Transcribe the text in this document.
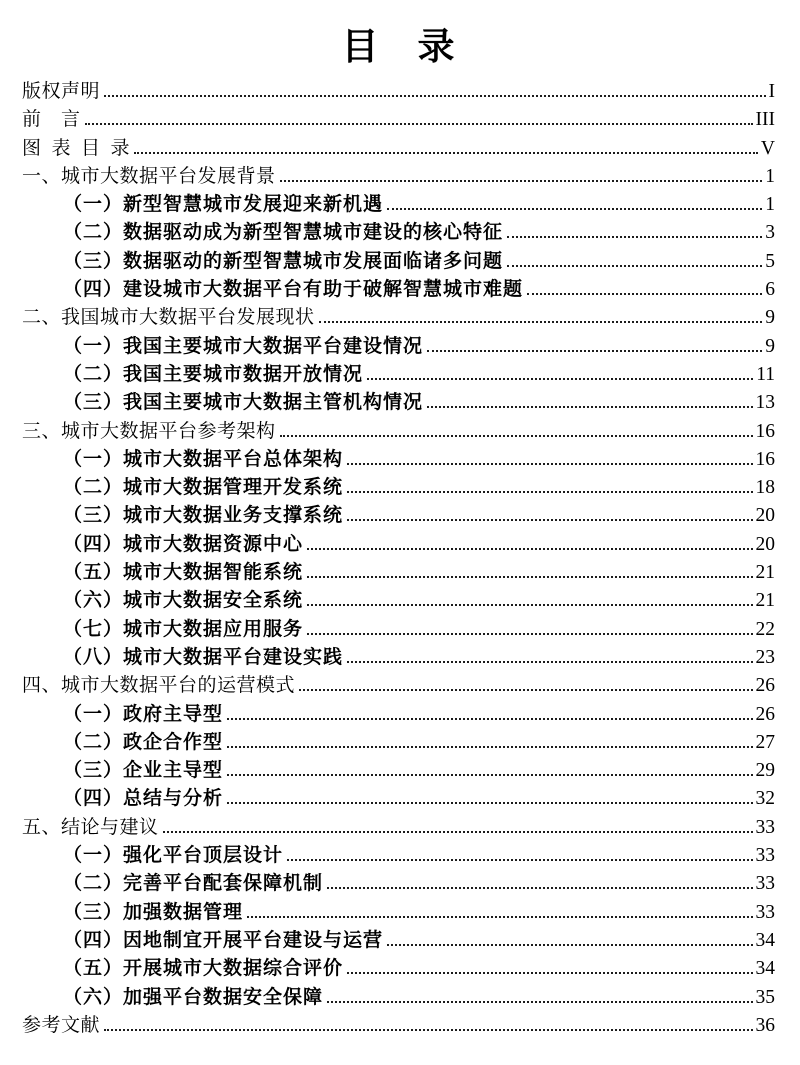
目　录
版权声明	I
前　言	III
图 表 目 录	V
一、城市大数据平台发展背景	1
（一）新型智慧城市发展迎来新机遇	1
（二）数据驱动成为新型智慧城市建设的核心特征	3
（三）数据驱动的新型智慧城市发展面临诸多问题	5
（四）建设城市大数据平台有助于破解智慧城市难题	6
二、我国城市大数据平台发展现状	9
（一）我国主要城市大数据平台建设情况	9
（二）我国主要城市数据开放情况	11
（三）我国主要城市大数据主管机构情况	13
三、城市大数据平台参考架构	16
（一）城市大数据平台总体架构	16
（二）城市大数据管理开发系统	18
（三）城市大数据业务支撑系统	20
（四）城市大数据资源中心	20
（五）城市大数据智能系统	21
（六）城市大数据安全系统	21
（七）城市大数据应用服务	22
（八）城市大数据平台建设实践	23
四、城市大数据平台的运营模式	26
（一）政府主导型	26
（二）政企合作型	27
（三）企业主导型	29
（四）总结与分析	32
五、结论与建议	33
（一）强化平台顶层设计	33
（二）完善平台配套保障机制	33
（三）加强数据管理	33
（四）因地制宜开展平台建设与运营	34
（五）开展城市大数据综合评价	34
（六）加强平台数据安全保障	35
参考文献	36
